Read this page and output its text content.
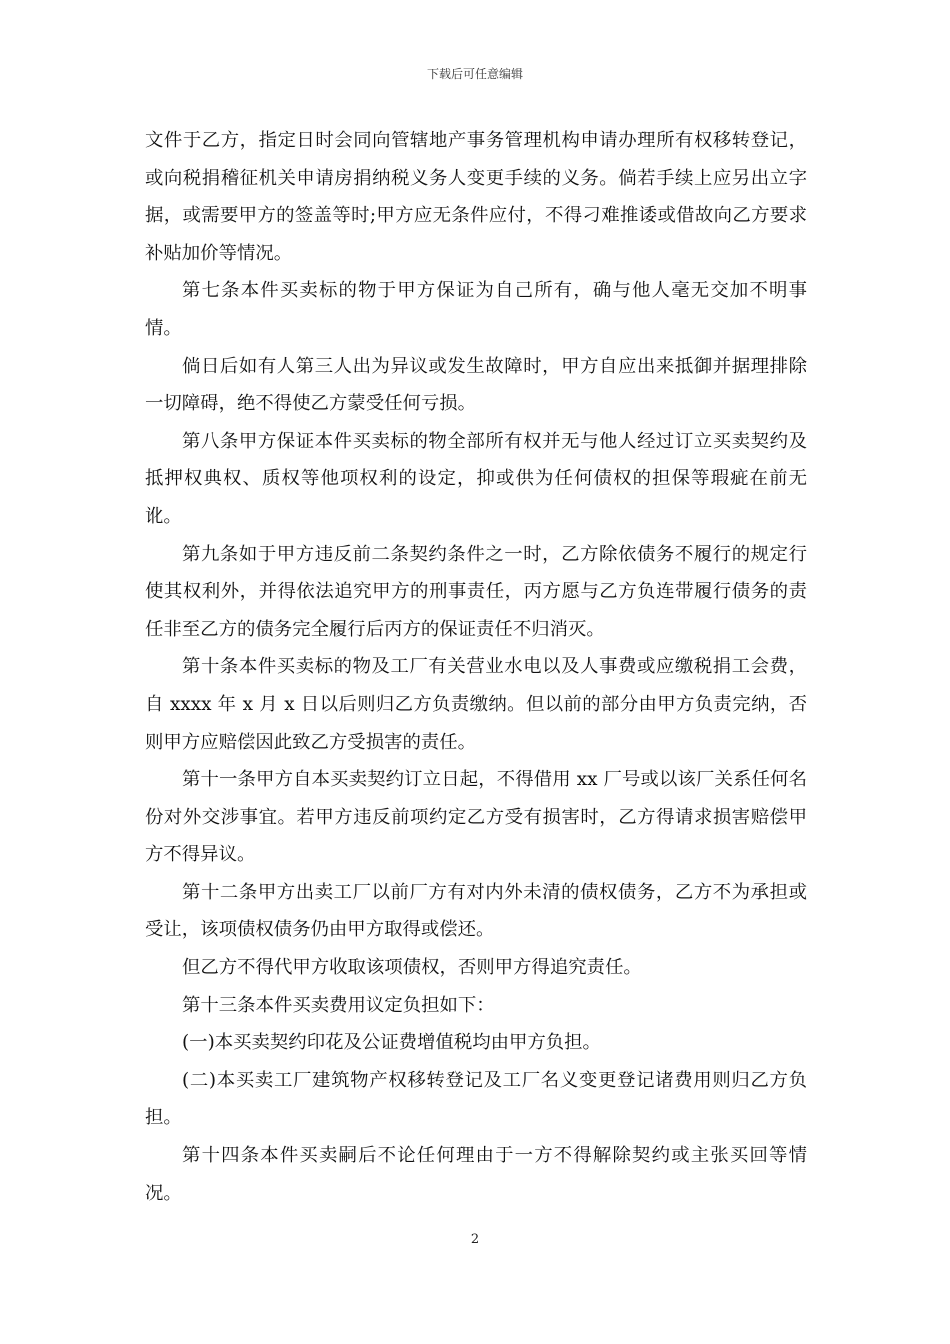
下载后可任意编辑

文件于乙方，指定日时会同向管辖地产事务管理机构申请办理所有权移转登记，或向税捐稽征机关申请房捐纳税义务人变更手续的义务。倘若手续上应另出立字据，或需要甲方的签盖等时;甲方应无条件应付，不得刁难推诿或借故向乙方要求补贴加价等情况。

第七条本件买卖标的物于甲方保证为自己所有，确与他人毫无交加不明事情。

倘日后如有人第三人出为异议或发生故障时，甲方自应出来抵御并据理排除一切障碍，绝不得使乙方蒙受任何亏损。

第八条甲方保证本件买卖标的物全部所有权并无与他人经过订立买卖契约及抵押权典权、质权等他项权利的设定，抑或供为任何债权的担保等瑕疵在前无讹。

第九条如于甲方违反前二条契约条件之一时，乙方除依债务不履行的规定行使其权利外，并得依法追究甲方的刑事责任，丙方愿与乙方负连带履行债务的责任非至乙方的债务完全履行后丙方的保证责任不归消灭。

第十条本件买卖标的物及工厂有关营业水电以及人事费或应缴税捐工会费，自 xxxx 年 x 月 x 日以后则归乙方负责缴纳。但以前的部分由甲方负责完纳，否则甲方应赔偿因此致乙方受损害的责任。

第十一条甲方自本买卖契约订立日起，不得借用 xx 厂号或以该厂关系任何名份对外交涉事宜。若甲方违反前项约定乙方受有损害时，乙方得请求损害赔偿甲方不得异议。

第十二条甲方出卖工厂以前厂方有对内外未清的债权债务，乙方不为承担或受让，该项债权债务仍由甲方取得或偿还。

但乙方不得代甲方收取该项债权，否则甲方得追究责任。

第十三条本件买卖费用议定负担如下：

(一)本买卖契约印花及公证费增值税均由甲方负担。

(二)本买卖工厂建筑物产权移转登记及工厂名义变更登记诸费用则归乙方负担。

第十四条本件买卖嗣后不论任何理由于一方不得解除契约或主张买回等情况。

2
